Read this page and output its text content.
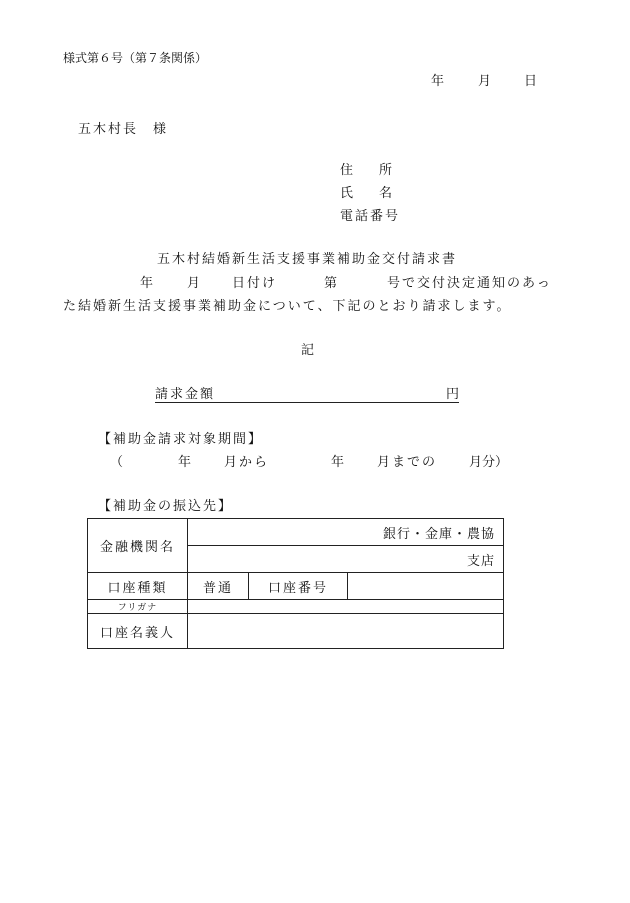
様式第６号（第７条関係）
年	月	日
五木村長　様
住　　所
氏　　名
電話番号
五木村結婚新生活支援事業補助金交付請求書
年	月 日付け	第	号で交付決定通知のあっ
た結婚新生活支援事業補助金について、下記のとおり請求します。
記
請求金額	円
【補助金請求対象期間】
（	年	月から	年	月までの 月分）
【補助金の振込先】
金融機関名	銀行・金庫・農協		
	支店		
口座種類	普通	口座番号	
フリガナ			
口座名義人			
